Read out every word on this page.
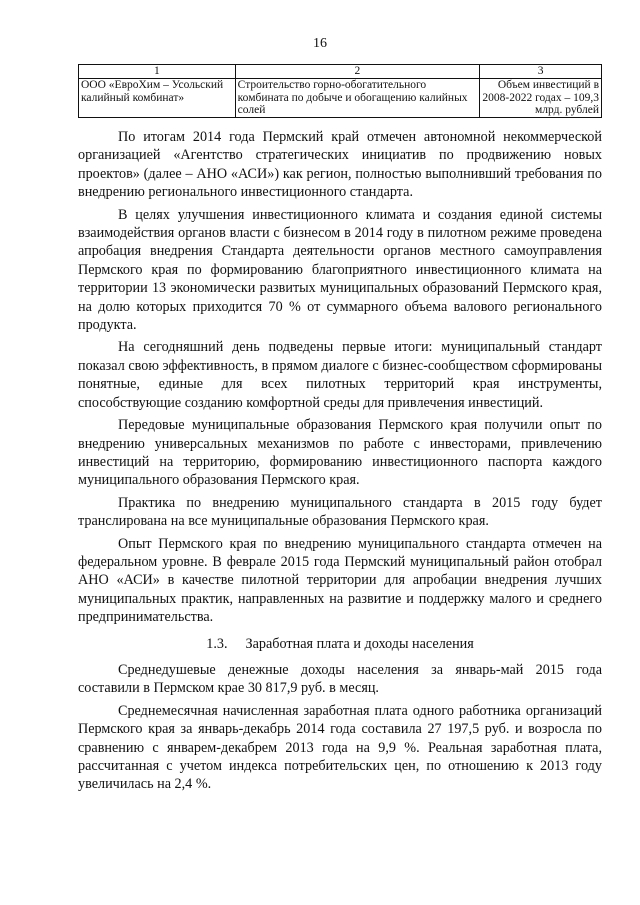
16
1	2	3
ООО «ЕвроХим – Усольский калийный комбинат»	Строительство горно-обогатительного комбината по добыче и обогащению калийных солей	Объем инвестиций в 2008-2022 годах – 109,3 млрд. рублей

По итогам 2014 года Пермский край отмечен автономной некоммерческой организацией «Агентство стратегических инициатив по продвижению новых проектов» (далее – АНО «АСИ») как регион, полностью выполнивший требования по внедрению регионального инвестиционного стандарта.

В целях улучшения инвестиционного климата и создания единой системы взаимодействия органов власти с бизнесом в 2014 году в пилотном режиме проведена апробация внедрения Стандарта деятельности органов местного самоуправления Пермского края по формированию благоприятного инвестиционного климата на территории 13 экономически развитых муниципальных образований Пермского края, на долю которых приходится 70 % от суммарного объема валового регионального продукта.

На сегодняшний день подведены первые итоги: муниципальный стандарт показал свою эффективность, в прямом диалоге с бизнес-сообществом сформированы понятные, единые для всех пилотных территорий края инструменты, способствующие созданию комфортной среды для привлечения инвестиций.

Передовые муниципальные образования Пермского края получили опыт по внедрению универсальных механизмов по работе с инвесторами, привлечению инвестиций на территорию, формированию инвестиционного паспорта каждого муниципального образования Пермского края.

Практика по внедрению муниципального стандарта в 2015 году будет транслирована на все муниципальные образования Пермского края.

Опыт Пермского края по внедрению муниципального стандарта отмечен на федеральном уровне. В феврале 2015 года Пермский муниципальный район отобрал АНО «АСИ» в качестве пилотной территории для апробации внедрения лучших муниципальных практик, направленных на развитие и поддержку малого и среднего предпринимательства.

1.3. Заработная плата и доходы населения

Среднедушевые денежные доходы населения за январь-май 2015 года составили в Пермском крае 30 817,9 руб. в месяц.

Среднемесячная начисленная заработная плата одного работника организаций Пермского края за январь-декабрь 2014 года составила 27 197,5 руб. и возросла по сравнению с январем-декабрем 2013 года на 9,9 %. Реальная заработная плата, рассчитанная с учетом индекса потребительских цен, по отношению к 2013 году увеличилась на 2,4 %.
